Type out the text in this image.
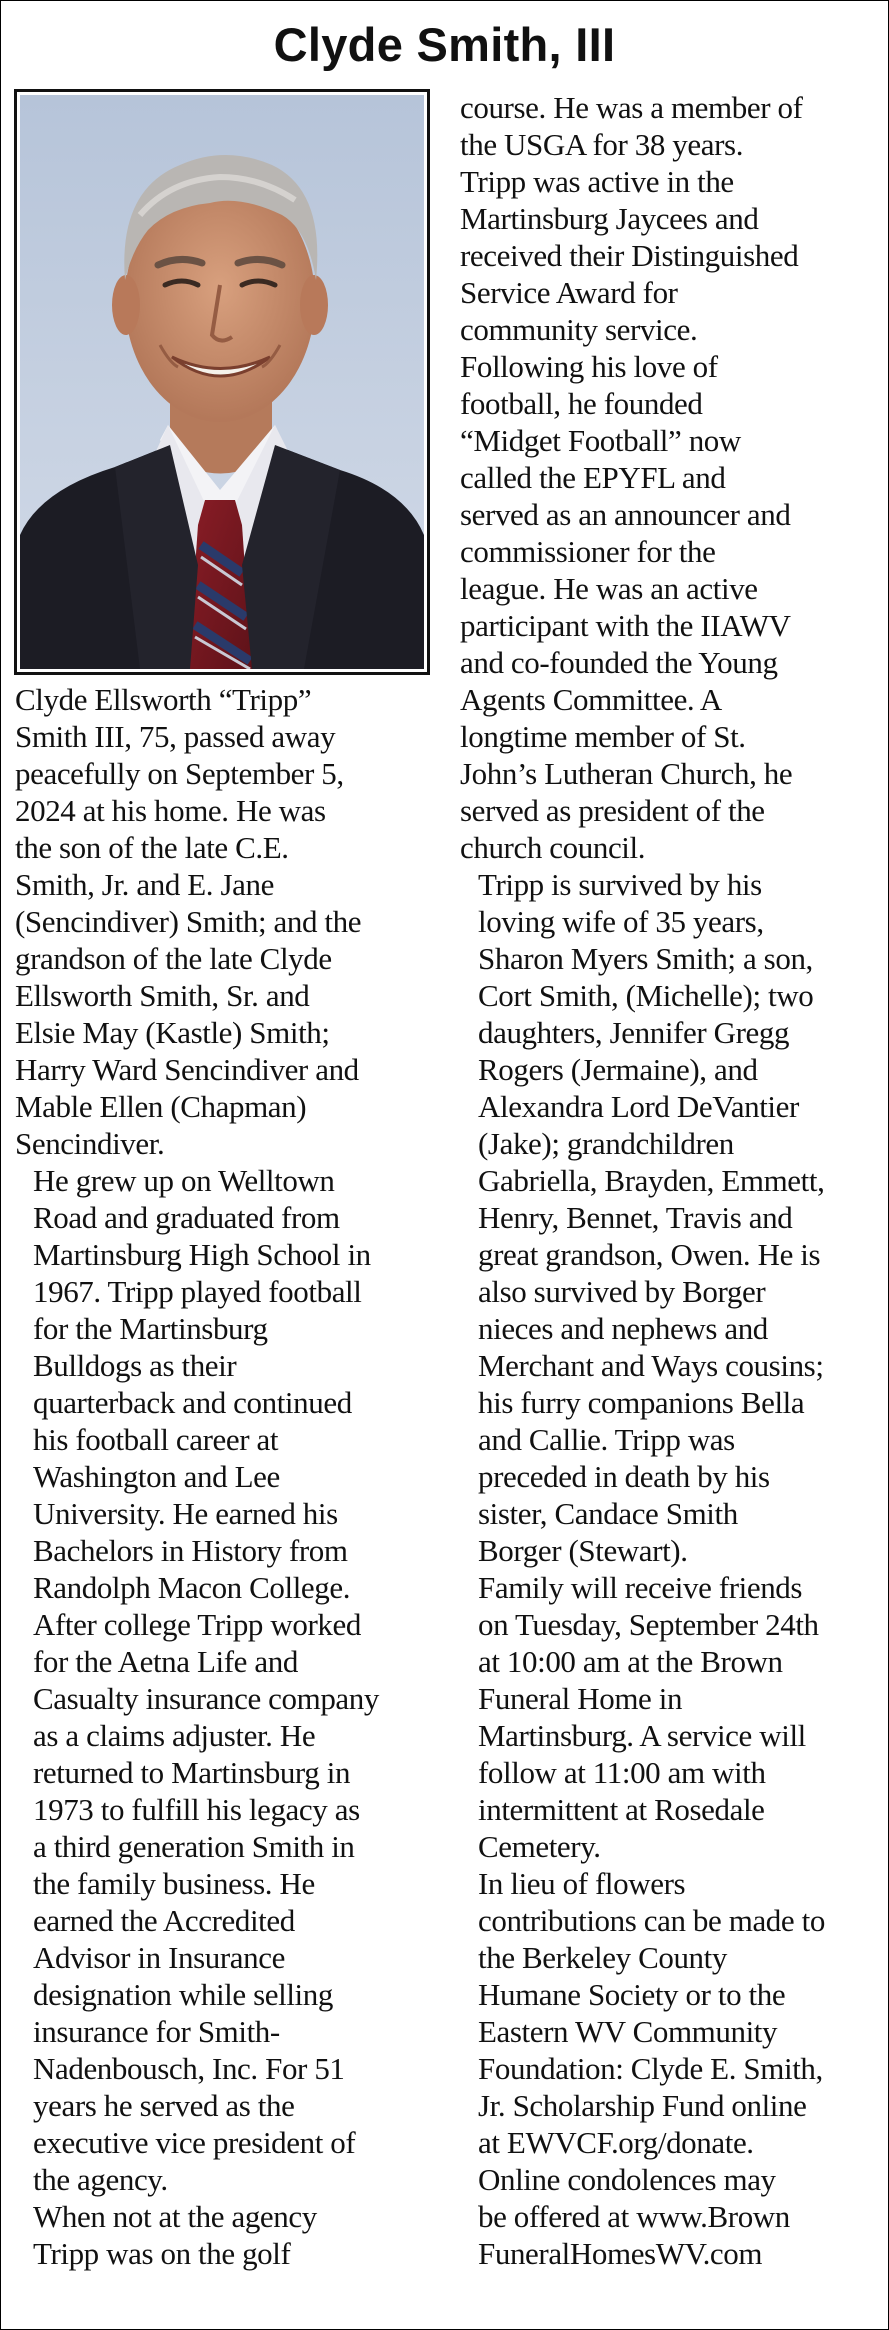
Clyde Smith, III

Clyde Ellsworth “Tripp”
Smith III, 75, passed away
peacefully on September 5,
2024 at his home. He was
the son of the late C.E.
Smith, Jr. and E. Jane
(Sencindiver) Smith; and the
grandson of the late Clyde
Ellsworth Smith, Sr. and
Elsie May (Kastle) Smith;
Harry Ward Sencindiver and
Mable Ellen (Chapman)
Sencindiver.

He grew up on Welltown
Road and graduated from
Martinsburg High School in
1967. Tripp played football
for the Martinsburg
Bulldogs as their
quarterback and continued
his football career at
Washington and Lee
University. He earned his
Bachelors in History from
Randolph Macon College.

After college Tripp worked
for the Aetna Life and
Casualty insurance company
as a claims adjuster. He
returned to Martinsburg in
1973 to fulfill his legacy as
a third generation Smith in
the family business. He
earned the Accredited
Advisor in Insurance
designation while selling
insurance for Smith-
Nadenbousch, Inc. For 51
years he served as the
executive vice president of
the agency.

When not at the agency
Tripp was on the golf

course. He was a member of
the USGA for 38 years.
Tripp was active in the
Martinsburg Jaycees and
received their Distinguished
Service Award for
community service.
Following his love of
football, he founded
“Midget Football” now
called the EPYFL and
served as an announcer and
commissioner for the
league. He was an active
participant with the IIAWV
and co-founded the Young
Agents Committee. A
longtime member of St.
John’s Lutheran Church, he
served as president of the
church council.

Tripp is survived by his
loving wife of 35 years,
Sharon Myers Smith; a son,
Cort Smith, (Michelle); two
daughters, Jennifer Gregg
Rogers (Jermaine), and
Alexandra Lord DeVantier
(Jake); grandchildren
Gabriella, Brayden, Emmett,
Henry, Bennet, Travis and
great grandson, Owen. He is
also survived by Borger
nieces and nephews and
Merchant and Ways cousins;
his furry companions Bella
and Callie. Tripp was
preceded in death by his
sister, Candace Smith
Borger (Stewart).

Family will receive friends
on Tuesday, September 24th
at 10:00 am at the Brown
Funeral Home in
Martinsburg. A service will
follow at 11:00 am with
intermittent at Rosedale
Cemetery.

In lieu of flowers
contributions can be made to
the Berkeley County
Humane Society or to the
Eastern WV Community
Foundation: Clyde E. Smith,
Jr. Scholarship Fund online
at EWVCF.org/donate.

Online condolences may
be offered at www.Brown
FuneralHomesWV.com
